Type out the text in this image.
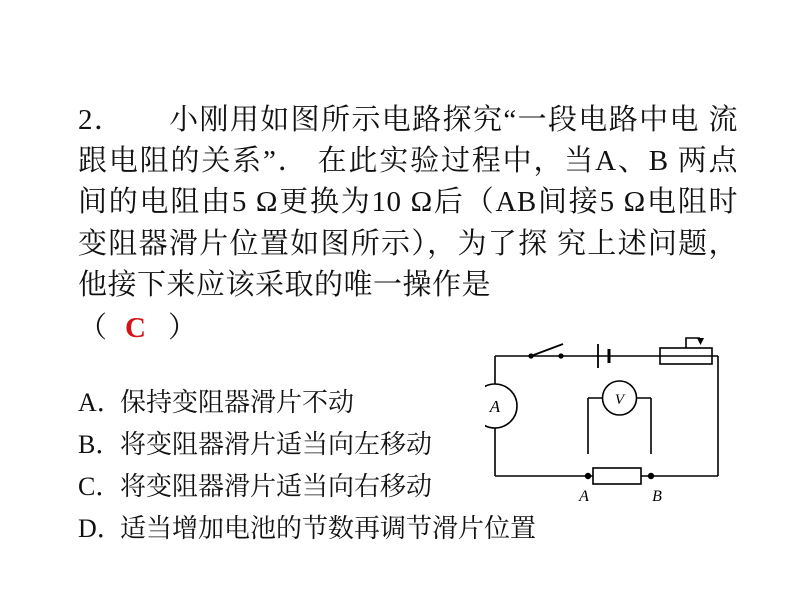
2． 小刚用如图所示电路探究“一段电路中电 流跟电阻的关系”． 在此实验过程中，当A、B 两点间的电阻由5 Ω更换为10 Ω后（AB间接5 Ω电阻时变阻器滑片位置如图所示），为了探 究上述问题，他接下来应该采取的唯一操作是
（ C ）
A．保持变阻器滑片不动
B．将变阻器滑片适当向左移动
C．将变阻器滑片适当向右移动
D．适当增加电池的节数再调节滑片位置
A	V
A	B
